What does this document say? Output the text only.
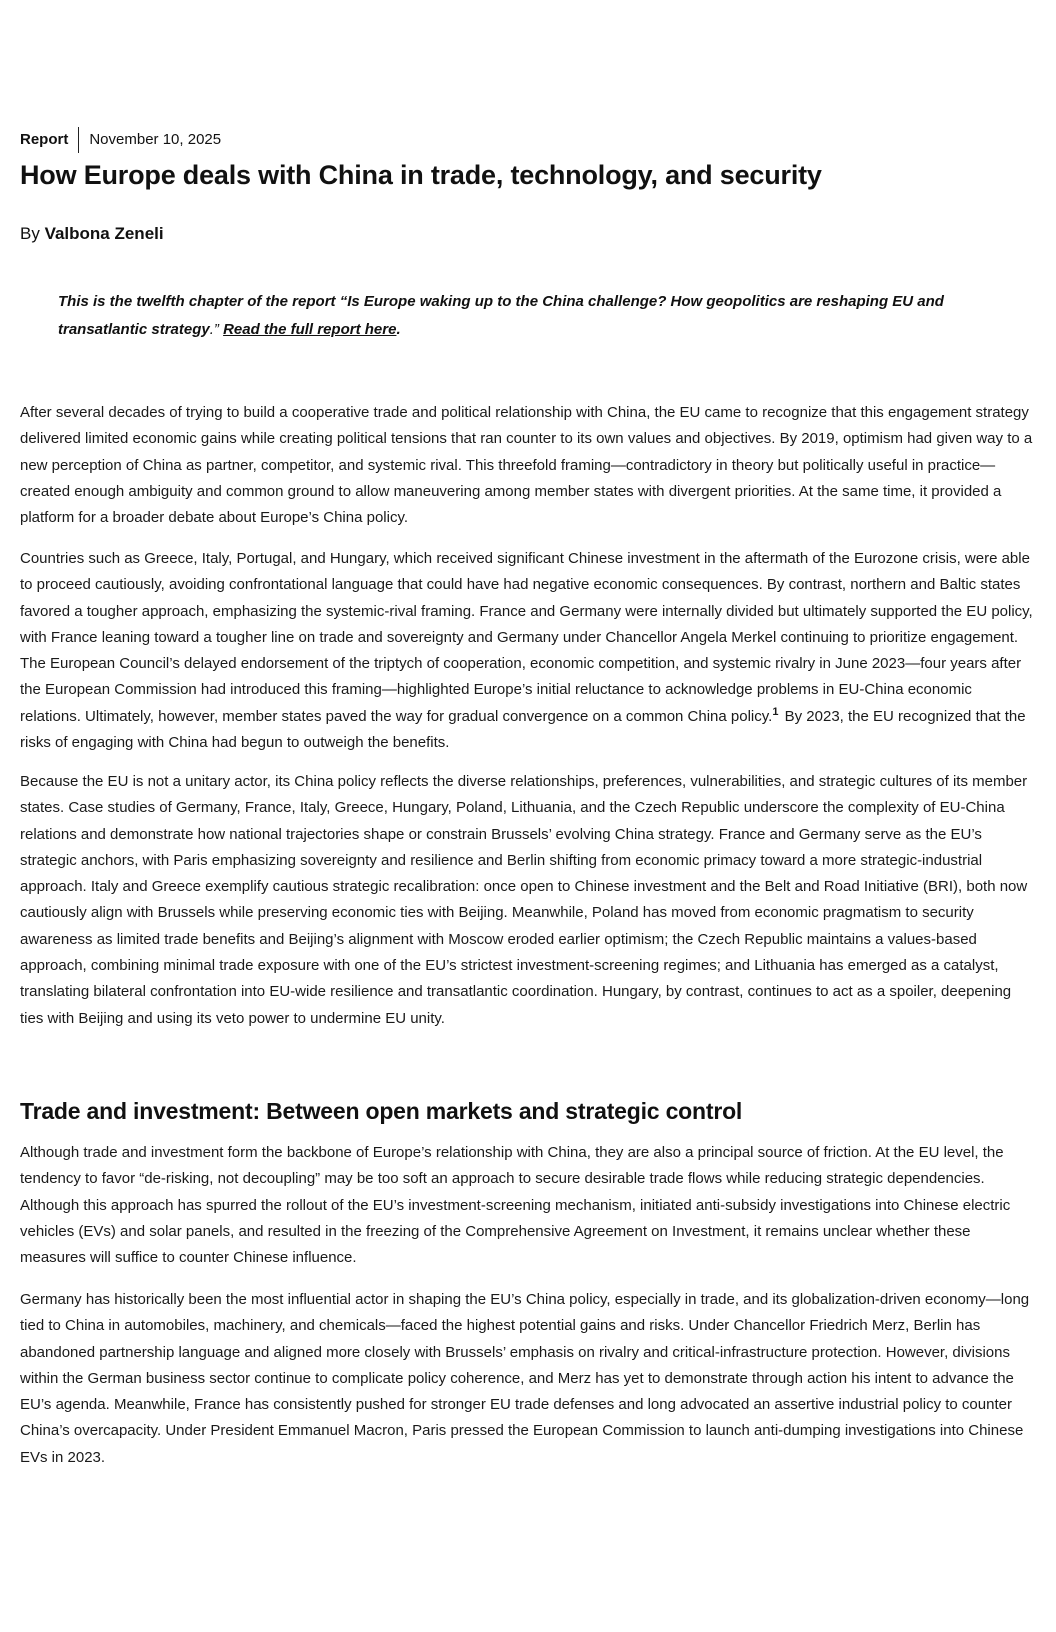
Report	November 10, 2025
How Europe deals with China in trade, technology, and security
By Valbona Zeneli
This is the twelfth chapter of the report “Is Europe waking up to the China challenge? How geopolitics are reshaping EU and transatlantic strategy.” Read the full report here.

After several decades of trying to build a cooperative trade and political relationship with China, the EU came to recognize that this engagement strategy delivered limited economic gains while creating political tensions that ran counter to its own values and objectives. By 2019, optimism had given way to a new perception of China as partner, competitor, and systemic rival. This threefold framing—contradictory in theory but politically useful in practice—created enough ambiguity and common ground to allow maneuvering among member states with divergent priorities. At the same time, it provided a platform for a broader debate about Europe’s China policy.

Countries such as Greece, Italy, Portugal, and Hungary, which received significant Chinese investment in the aftermath of the Eurozone crisis, were able to proceed cautiously, avoiding confrontational language that could have had negative economic consequences. By contrast, northern and Baltic states favored a tougher approach, emphasizing the systemic-rival framing. France and Germany were internally divided but ultimately supported the EU policy, with France leaning toward a tougher line on trade and sovereignty and Germany under Chancellor Angela Merkel continuing to prioritize engagement. The European Council’s delayed endorsement of the triptych of cooperation, economic competition, and systemic rivalry in June 2023—four years after the European Commission had introduced this framing—highlighted Europe’s initial reluctance to acknowledge problems in EU-China economic relations. Ultimately, however, member states paved the way for gradual convergence on a common China policy.$^1$ By 2023, the EU recognized that the risks of engaging with China had begun to outweigh the benefits.

Because the EU is not a unitary actor, its China policy reflects the diverse relationships, preferences, vulnerabilities, and strategic cultures of its member states. Case studies of Germany, France, Italy, Greece, Hungary, Poland, Lithuania, and the Czech Republic underscore the complexity of EU-China relations and demonstrate how national trajectories shape or constrain Brussels’ evolving China strategy. France and Germany serve as the EU’s strategic anchors, with Paris emphasizing sovereignty and resilience and Berlin shifting from economic primacy toward a more strategic-industrial approach. Italy and Greece exemplify cautious strategic recalibration: once open to Chinese investment and the Belt and Road Initiative (BRI), both now cautiously align with Brussels while preserving economic ties with Beijing. Meanwhile, Poland has moved from economic pragmatism to security awareness as limited trade benefits and Beijing’s alignment with Moscow eroded earlier optimism; the Czech Republic maintains a values-based approach, combining minimal trade exposure with one of the EU’s strictest investment-screening regimes; and Lithuania has emerged as a catalyst, translating bilateral confrontation into EU-wide resilience and transatlantic coordination. Hungary, by contrast, continues to act as a spoiler, deepening ties with Beijing and using its veto power to undermine EU unity.

Trade and investment: Between open markets and strategic control

Although trade and investment form the backbone of Europe’s relationship with China, they are also a principal source of friction. At the EU level, the tendency to favor “de-risking, not decoupling” may be too soft an approach to secure desirable trade flows while reducing strategic dependencies. Although this approach has spurred the rollout of the EU’s investment-screening mechanism, initiated anti-subsidy investigations into Chinese electric vehicles (EVs) and solar panels, and resulted in the freezing of the Comprehensive Agreement on Investment, it remains unclear whether these measures will suffice to counter Chinese influence.

Germany has historically been the most influential actor in shaping the EU’s China policy, especially in trade, and its globalization-driven economy—long tied to China in automobiles, machinery, and chemicals—faced the highest potential gains and risks. Under Chancellor Friedrich Merz, Berlin has abandoned partnership language and aligned more closely with Brussels’ emphasis on rivalry and critical-infrastructure protection. However, divisions within the German business sector continue to complicate policy coherence, and Merz has yet to demonstrate through action his intent to advance the EU’s agenda. Meanwhile, France has consistently pushed for stronger EU trade defenses and long advocated an assertive industrial policy to counter China’s overcapacity. Under President Emmanuel Macron, Paris pressed the European Commission to launch anti-dumping investigations into Chinese EVs in 2023.
